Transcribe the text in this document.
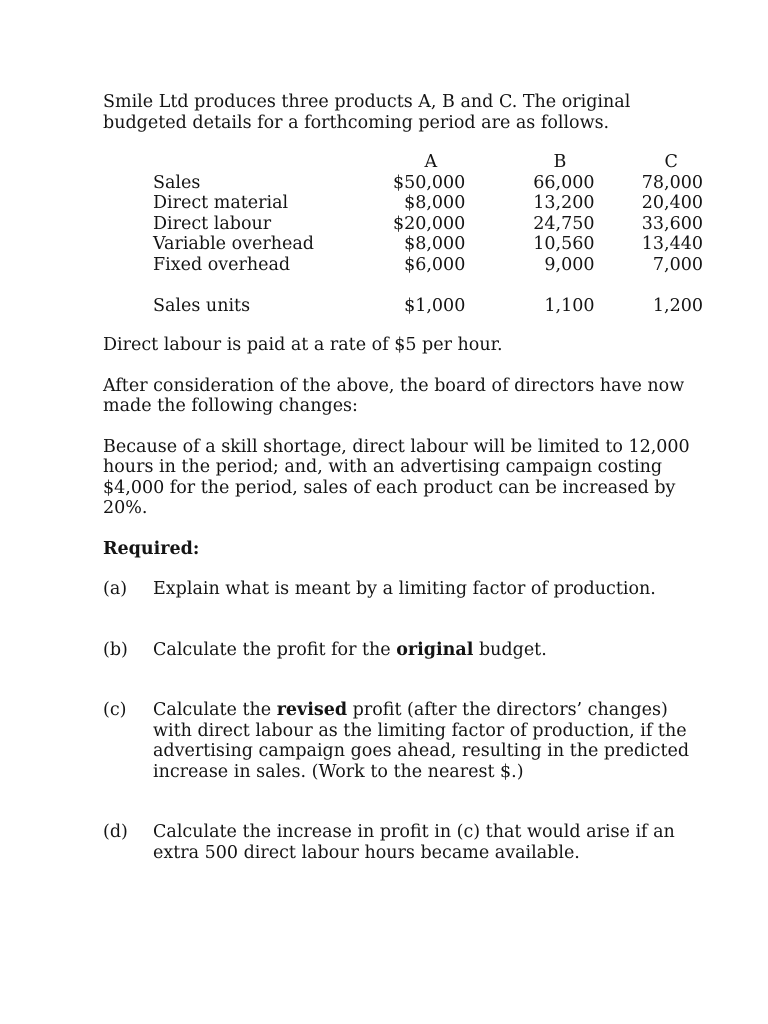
Smile Ltd produces three products A, B and C. The original budgeted details for a forthcoming period are as follows.

	A	B	C
Sales	$50,000	66,000	78,000
Direct material	$8,000	13,200	20,400
Direct labour	$20,000	24,750	33,600
Variable overhead	$8,000	10,560	13,440
Fixed overhead	$6,000	9,000	7,000

Sales units	$1,000	1,100	1,200

Direct labour is paid at a rate of $5 per hour.

After consideration of the above, the board of directors have now made the following changes:

Because of a skill shortage, direct labour will be limited to 12,000 hours in the period; and, with an advertising campaign costing $4,000 for the period, sales of each product can be increased by 20%.

Required:

(a)	Explain what is meant by a limiting factor of production.
(b)	Calculate the profit for the original budget.
(c)	Calculate the revised profit (after the directors’ changes) with direct labour as the limiting factor of production, if the advertising campaign goes ahead, resulting in the predicted increase in sales. (Work to the nearest $.)
(d)	Calculate the increase in profit in (c) that would arise if an extra 500 direct labour hours became available.
